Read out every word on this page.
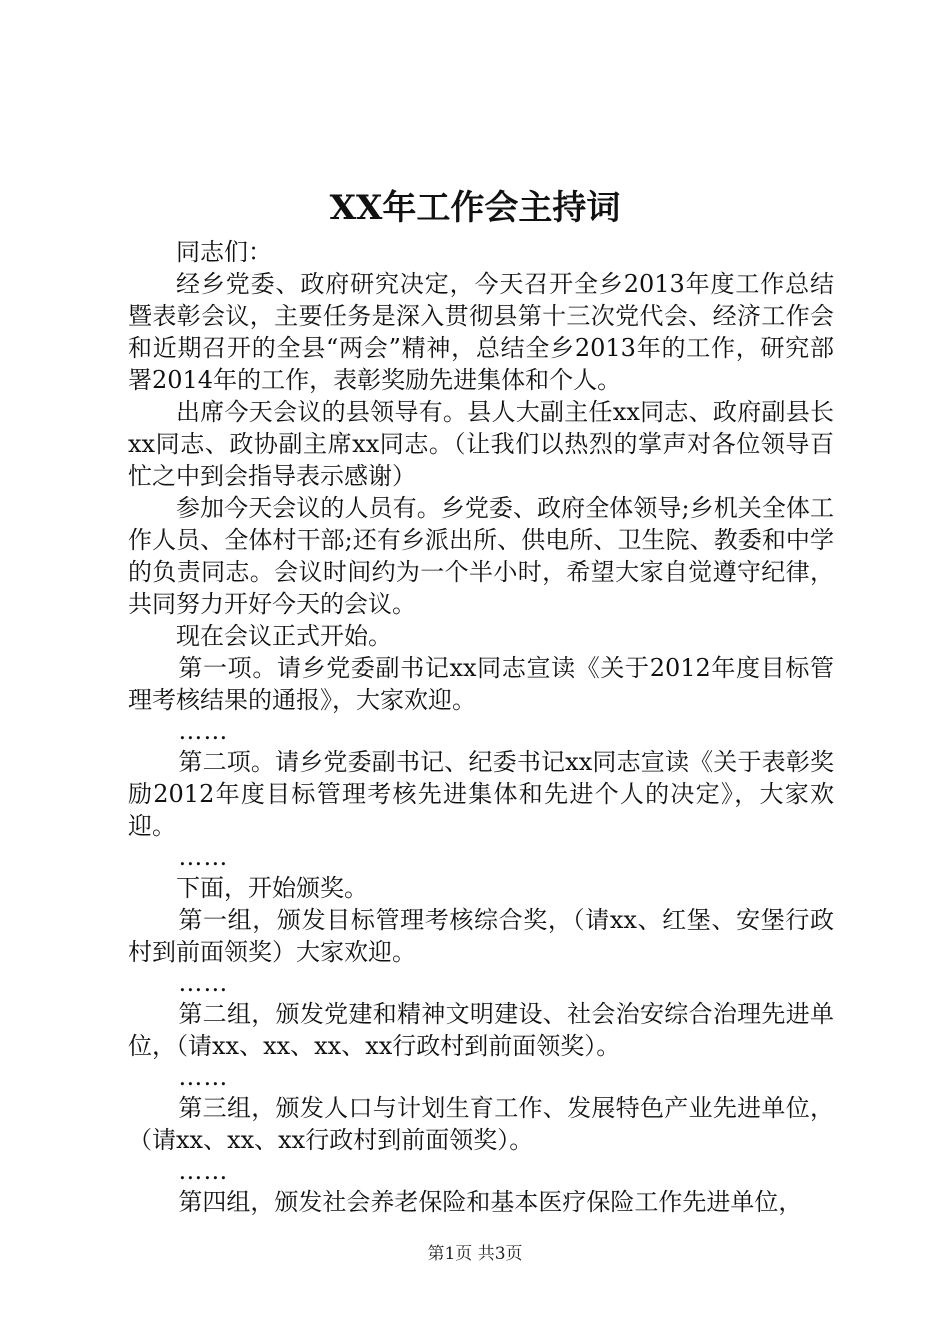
XX年工作会主持词

同志们：

经乡党委、政府研究决定，今天召开全乡2013年度工作总结暨表彰会议，主要任务是深入贯彻县第十三次党代会、经济工作会和近期召开的全县“两会”精神，总结全乡2013年的工作，研究部署2014年的工作，表彰奖励先进集体和个人。

出席今天会议的县领导有。县人大副主任xx同志、政府副县长xx同志、政协副主席xx同志。（让我们以热烈的掌声对各位领导百忙之中到会指导表示感谢）

参加今天会议的人员有。乡党委、政府全体领导;乡机关全体工作人员、全体村干部;还有乡派出所、供电所、卫生院、教委和中学的负责同志。会议时间约为一个半小时，希望大家自觉遵守纪律，共同努力开好今天的会议。

现在会议正式开始。

第一项。请乡党委副书记xx同志宣读《关于2012年度目标管理考核结果的通报》，大家欢迎。

……

第二项。请乡党委副书记、纪委书记xx同志宣读《关于表彰奖励2012年度目标管理考核先进集体和先进个人的决定》，大家欢迎。

……

下面，开始颁奖。

第一组，颁发目标管理考核综合奖，（请xx、红堡、安堡行政村到前面领奖）大家欢迎。

……

第二组，颁发党建和精神文明建设、社会治安综合治理先进单位，（请xx、xx、xx、xx行政村到前面领奖）。

……

第三组，颁发人口与计划生育工作、发展特色产业先进单位，（请xx、xx、xx行政村到前面领奖）。

……

第四组，颁发社会养老保险和基本医疗保险工作先进单位，

第1页 共3页
